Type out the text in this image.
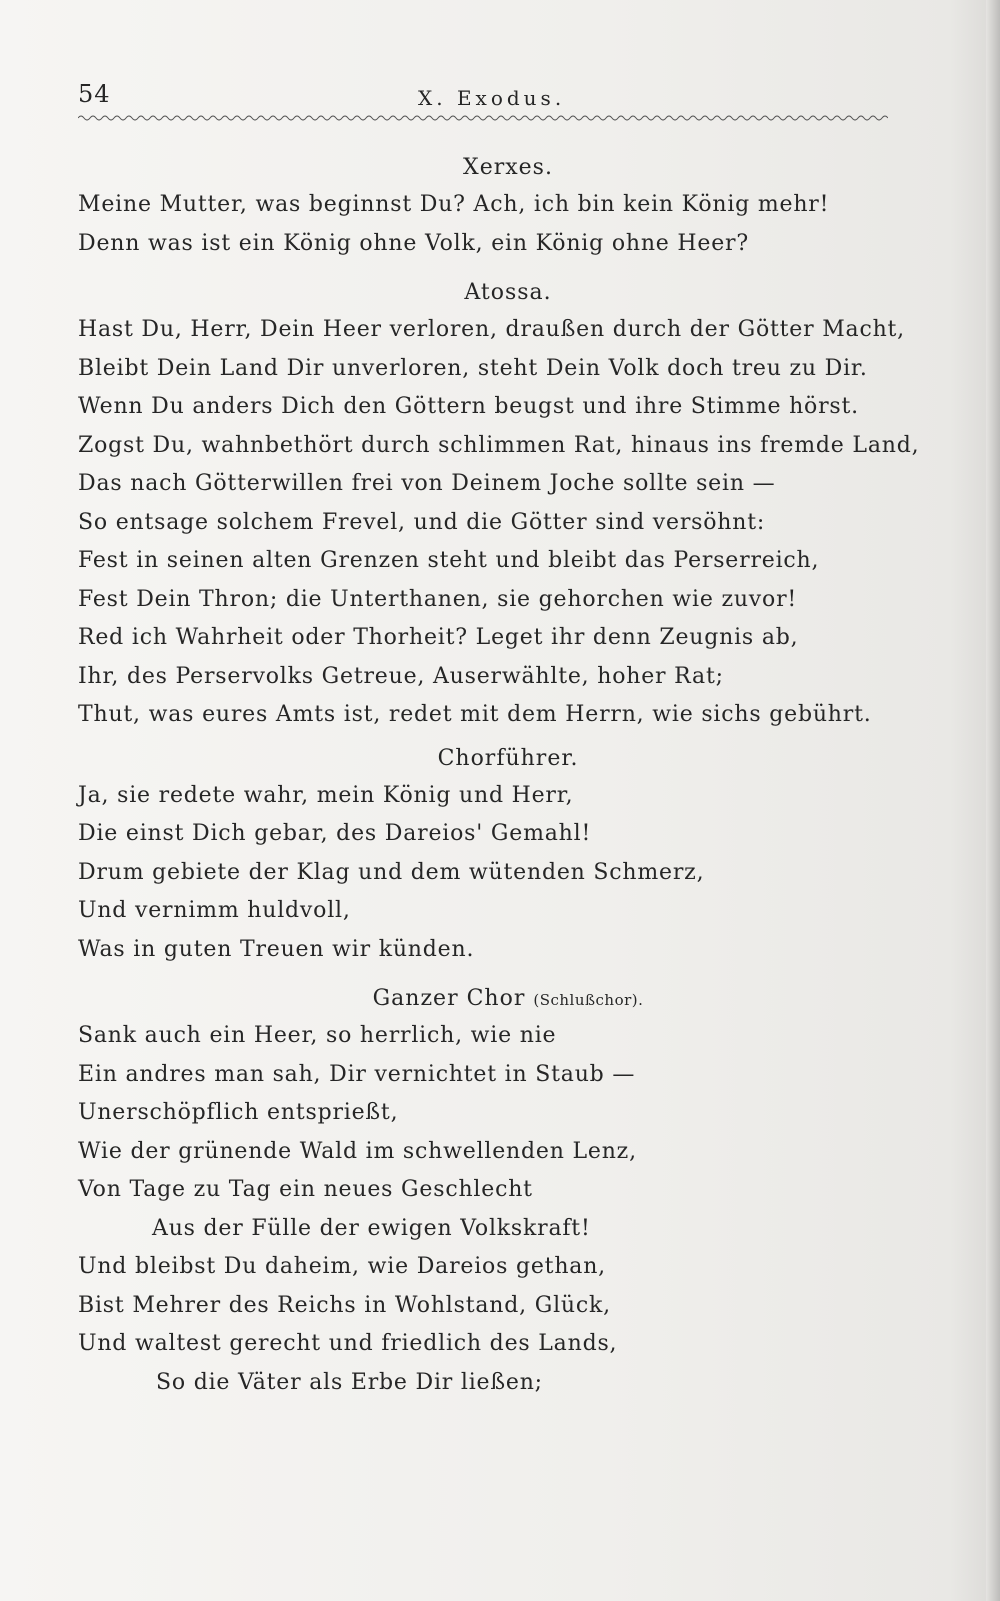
54	X. Exodus.
Xerxes.
Meine Mutter, was beginnst Du? Ach, ich bin kein König mehr!
Denn was ist ein König ohne Volk, ein König ohne Heer?
Atossa.
Hast Du, Herr, Dein Heer verloren, draußen durch der Götter Macht,
Bleibt Dein Land Dir unverloren, steht Dein Volk doch treu zu Dir.
Wenn Du anders Dich den Göttern beugst und ihre Stimme hörst.
Zogst Du, wahnbethört durch schlimmen Rat, hinaus ins fremde Land,
Das nach Götterwillen frei von Deinem Joche sollte sein —
So entsage solchem Frevel, und die Götter sind versöhnt:
Fest in seinen alten Grenzen steht und bleibt das Perserreich,
Fest Dein Thron; die Unterthanen, sie gehorchen wie zuvor!
Red ich Wahrheit oder Thorheit? Leget ihr denn Zeugnis ab,
Ihr, des Perservolks Getreue, Auserwählte, hoher Rat;
Thut, was eures Amts ist, redet mit dem Herrn, wie sichs gebührt.
Chorführer.
Ja, sie redete wahr, mein König und Herr,
Die einst Dich gebar, des Dareios' Gemahl!
Drum gebiete der Klag und dem wütenden Schmerz,
Und vernimm huldvoll,
Was in guten Treuen wir künden.
Ganzer Chor (Schlußchor).
Sank auch ein Heer, so herrlich, wie nie
Ein andres man sah, Dir vernichtet in Staub —
Unerschöpflich entsprießt,
Wie der grünende Wald im schwellenden Lenz,
Von Tage zu Tag ein neues Geschlecht
Aus der Fülle der ewigen Volkskraft!
Und bleibst Du daheim, wie Dareios gethan,
Bist Mehrer des Reichs in Wohlstand, Glück,
Und waltest gerecht und friedlich des Lands,
So die Väter als Erbe Dir ließen;
